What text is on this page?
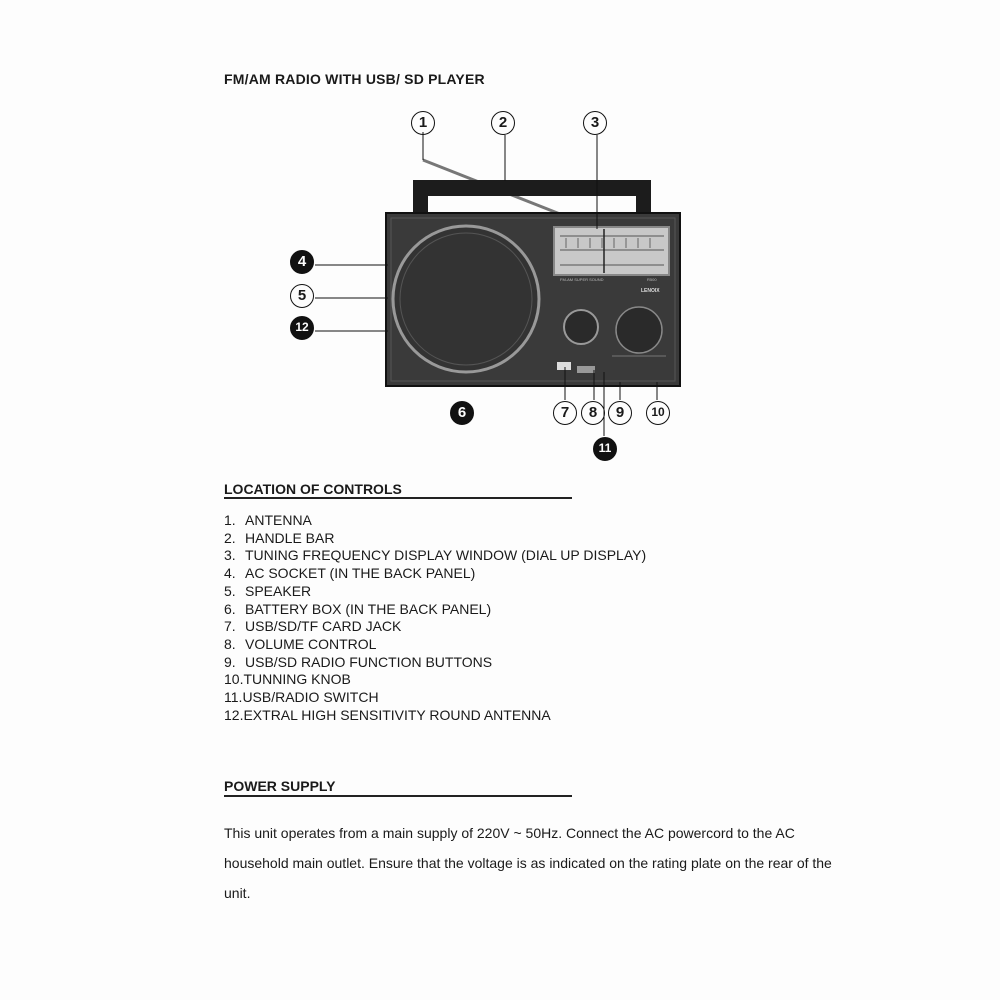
FM/AM RADIO WITH USB/ SD PLAYER
FM-AM SUPER SOUND	R500
LENOIX
1	2	3
4
5
12
6	7	8	9	10
11
LOCATION OF CONTROLS
1. ANTENNA
2. HANDLE BAR
3. TUNING FREQUENCY DISPLAY WINDOW (DIAL UP DISPLAY)
4. AC SOCKET (IN THE BACK PANEL)
5. SPEAKER
6. BATTERY BOX (IN THE BACK PANEL)
7. USB/SD/TF CARD JACK
8. VOLUME CONTROL
9. USB/SD RADIO FUNCTION BUTTONS
10.TUNNING KNOB
11.USB/RADIO SWITCH
12.EXTRAL HIGH SENSITIVITY ROUND ANTENNA
POWER SUPPLY

This unit operates from a main supply of 220V ~ 50Hz. Connect the AC powercord to the AC household main outlet. Ensure that the voltage is as indicated on the rating plate on the rear of the unit.
